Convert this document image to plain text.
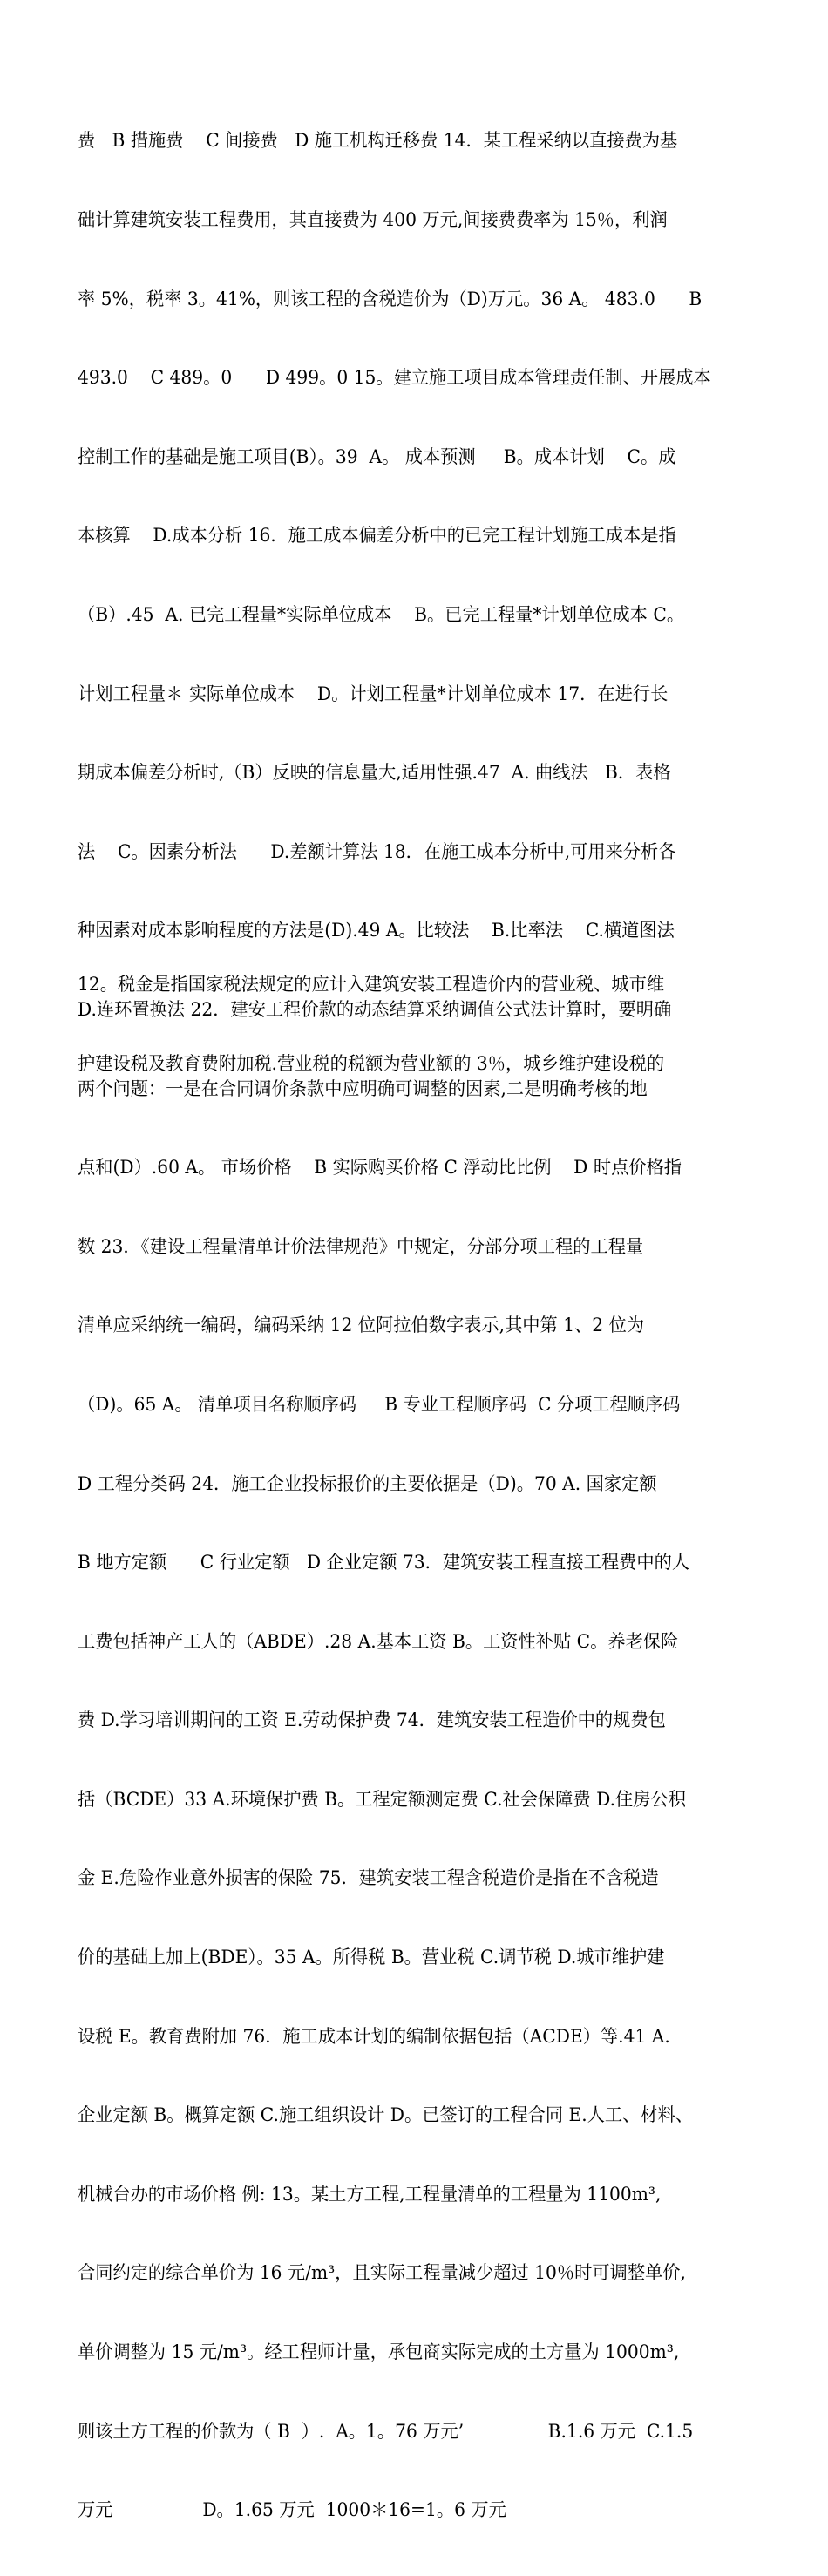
费   B 措施费    C 间接费   D 施工机构迁移费 14．某工程采纳以直接费为基

础计算建筑安装工程费用，其直接费为 400 万元,间接费费率为 15％，利润

率 5%，税率 3。41%，则该工程的含税造价为（D)万元。36 A。 483.0      B

493.0    C 489。0      D 499。0 15。建立施工项目成本管理责任制、开展成本

控制工作的基础是施工项目(B）。39  A。 成本预测     B。成本计划    C。成

本核算    D.成本分析 16．施工成本偏差分析中的已完工程计划施工成本是指

（B）.45  A. 已完工程量*实际单位成本    B。已完工程量*计划单位成本 C。

计划工程量＊ 实际单位成本    D。计划工程量*计划单位成本 17．在进行长

期成本偏差分析时,（B）反映的信息量大,适用性强.47  A. 曲线法   B．表格

法    C。因素分析法      D.差额计算法 18．在施工成本分析中,可用来分析各

种因素对成本影响程度的方法是(D).49 A。比较法    B.比率法    C.横道图法

D.连环置换法 22．建安工程价款的动态结算采纳调值公式法计算时，要明确

两个问题：一是在合同调价条款中应明确可调整的因素,二是明确考核的地

点和(D）.60 A。 市场价格    B 实际购买价格 C 浮动比比例    D 时点价格指

数 23．《建设工程量清单计价法律规范》中规定，分部分项工程的工程量

清单应采纳统一编码，编码采纳 12 位阿拉伯数字表示,其中第 1、2 位为

（D)。65 A。 清单项目名称顺序码     B 专业工程顺序码  C 分项工程顺序码

D 工程分类码 24．施工企业投标报价的主要依据是（D)。70 A. 国家定额

B 地方定额      C 行业定额   D 企业定额 73．建筑安装工程直接工程费中的人

工费包括神产工人的（ABDE）.28 A.基本工资 B。工资性补贴 C。养老保险

费 D.学习培训期间的工资 E.劳动保护费 74．建筑安装工程造价中的规费包

括（BCDE）33 A.环境保护费 B。工程定额测定费 C.社会保障费 D.住房公积

金 E.危险作业意外损害的保险 75．建筑安装工程含税造价是指在不含税造

价的基础上加上(BDE）。35 A。所得税 B。营业税 C.调节税 D.城市维护建

设税 E。教育费附加 76．施工成本计划的编制依据包括（ACDE）等.41 A.

企业定额 B。概算定额 C.施工组织设计 D。已签订的工程合同 E.人工、材料、

机械台办的市场价格 例: 13。某土方工程,工程量清单的工程量为 1100m³,

合同约定的综合单价为 16 元/m³，且实际工程量减少超过 10％时可调整单价,

单价调整为 15 元/m³。经工程师计量，承包商实际完成的土方量为 1000m³,

则该土方工程的价款为（ B  ）.  A。1。76 万元’               B.1.6 万元  C.1.5

万元                D。1.65 万元  1000＊16=1。6 万元

12。税金是指国家税法规定的应计入建筑安装工程造价内的营业税、城市维

护建设税及教育费附加税.营业税的税额为营业额的 3％，城乡维护建设税的
